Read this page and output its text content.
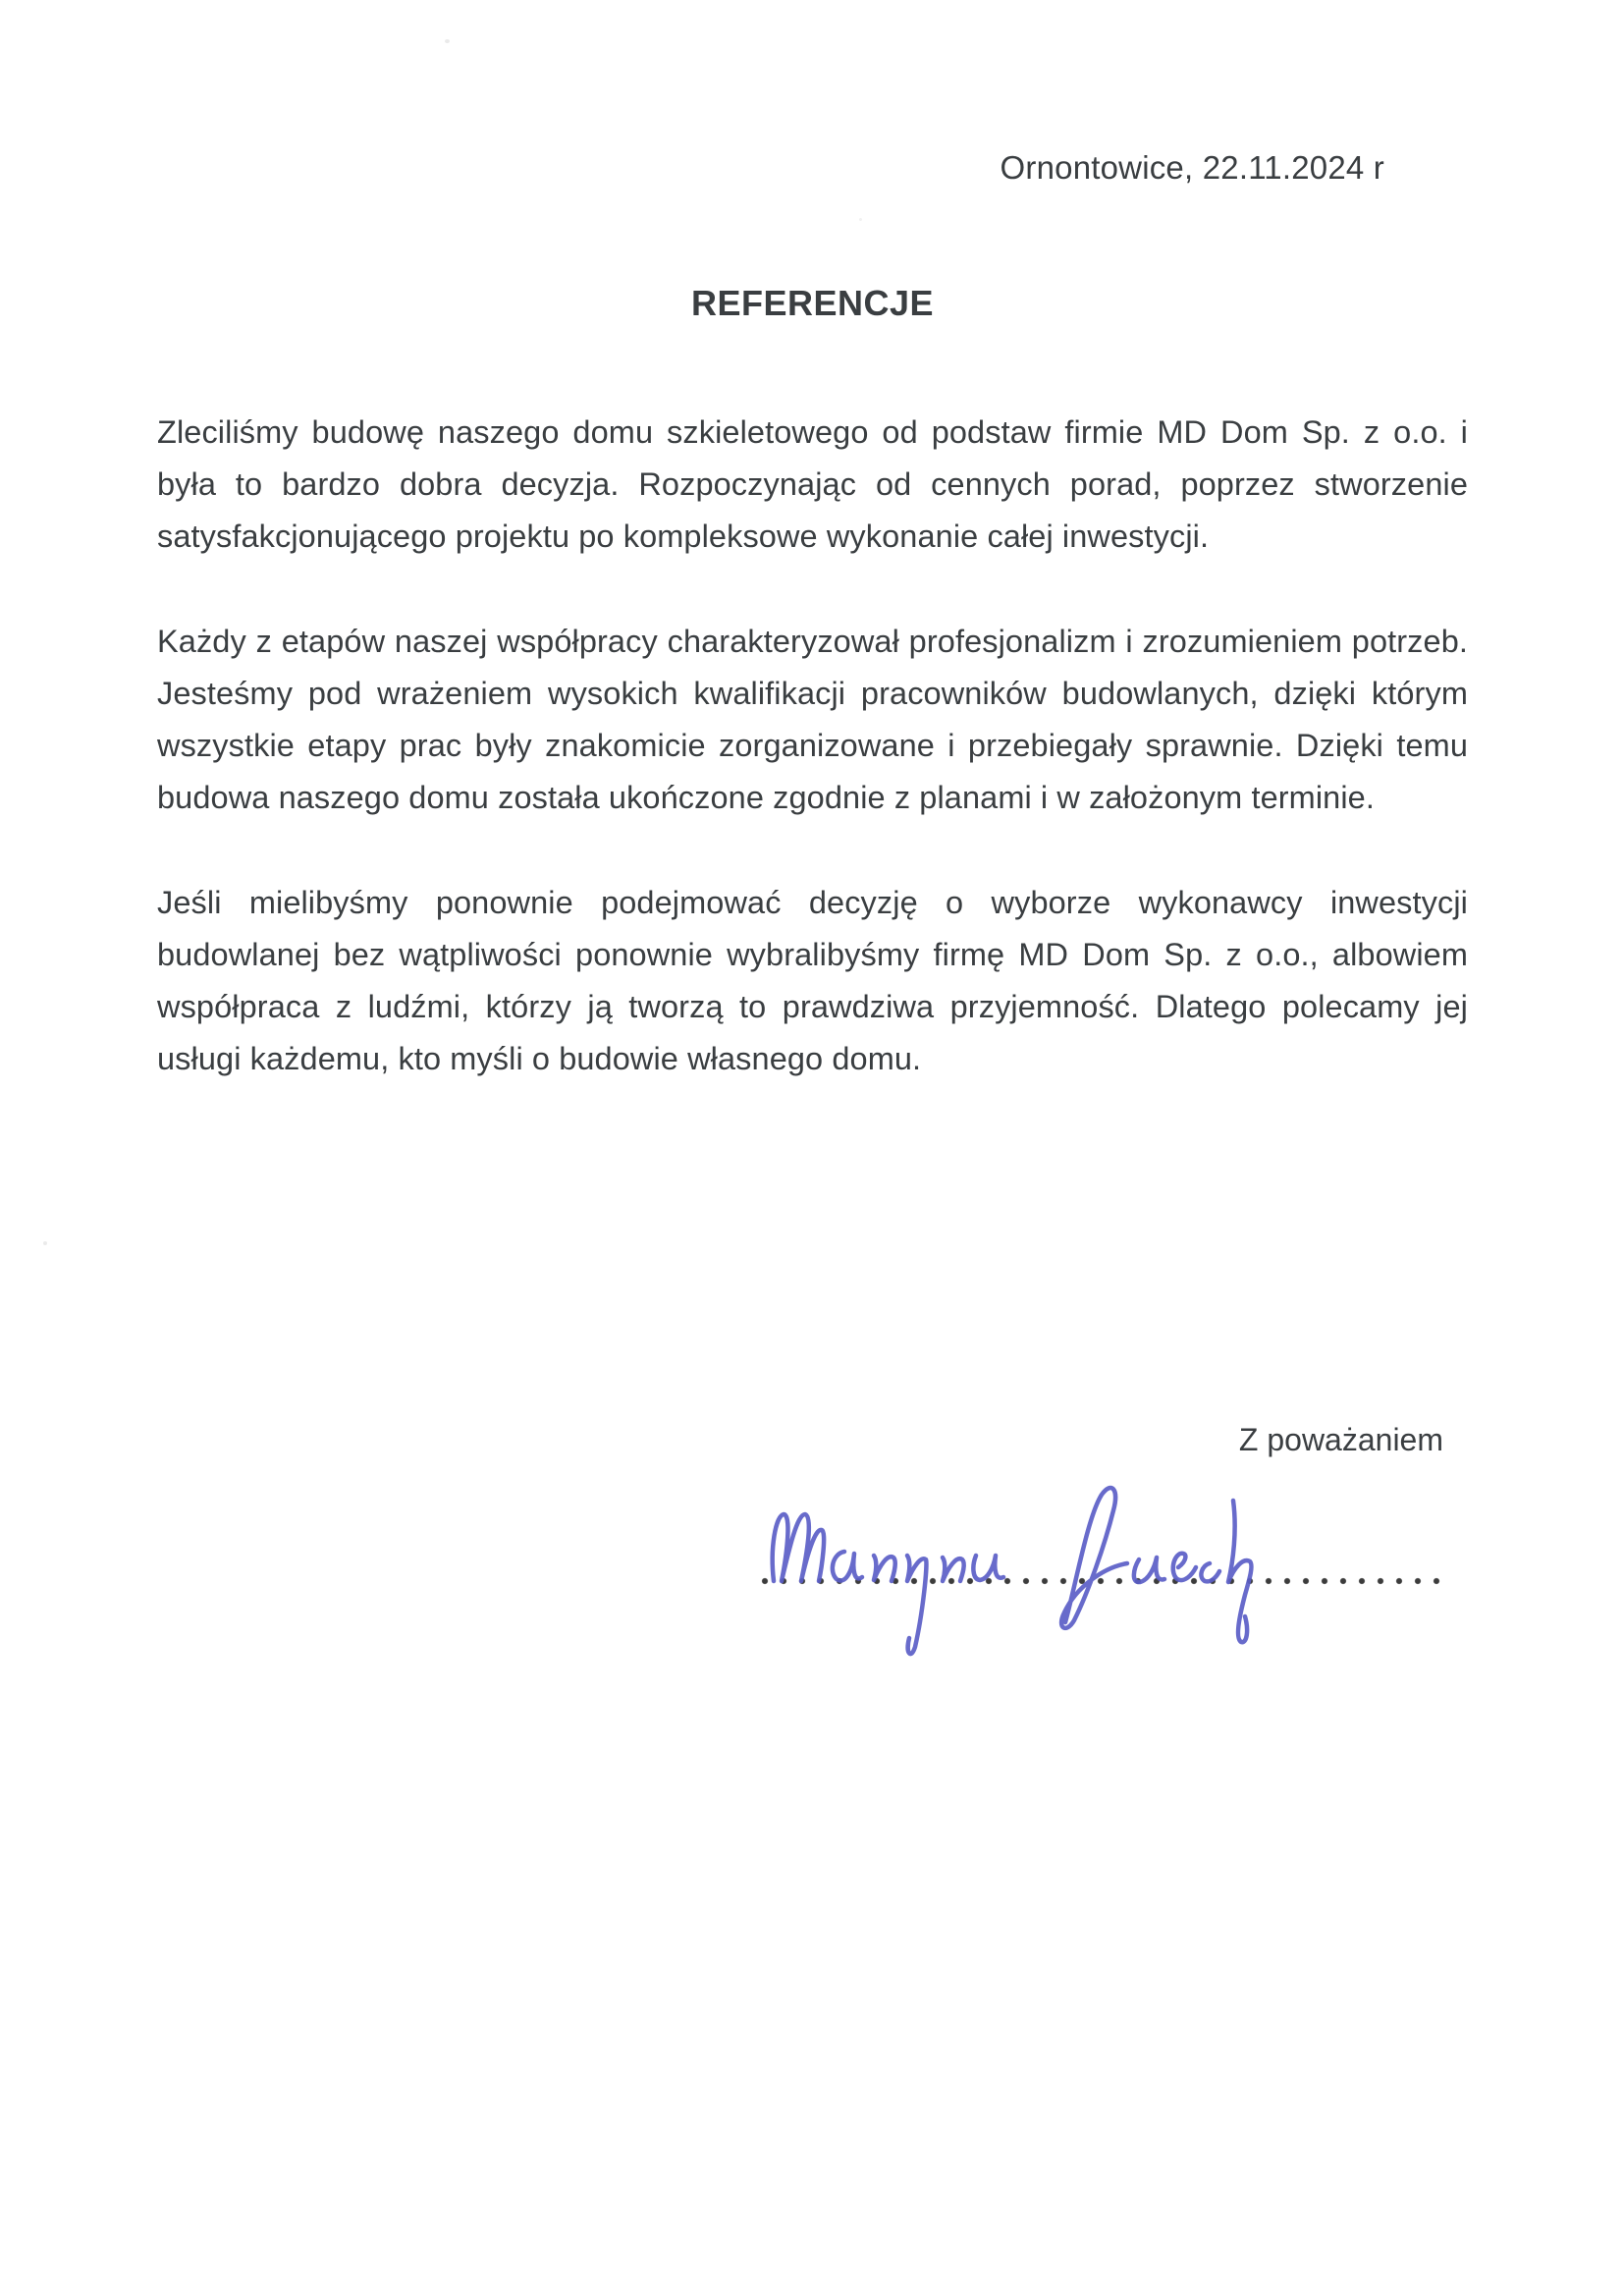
Ornontowice, 22.11.2024 r
REFERENCJE

Zleciliśmy budowę naszego domu szkieletowego od podstaw firmie MD Dom Sp. z o.o. i była to bardzo dobra decyzja. Rozpoczynając od cennych porad, poprzez stworzenie satysfakcjonującego projektu po kompleksowe wykonanie całej inwestycji.

Każdy z etapów naszej współpracy charakteryzował profesjonalizm i zrozumieniem potrzeb. Jesteśmy pod wrażeniem wysokich kwalifikacji pracowników budowlanych, dzięki którym wszystkie etapy prac były znakomicie zorganizowane i przebiegały sprawnie. Dzięki temu budowa naszego domu została ukończone zgodnie z planami i w założonym terminie.

Jeśli mielibyśmy ponownie podejmować decyzję o wyborze wykonawcy inwestycji budowlanej bez wątpliwości ponownie wybralibyśmy firmę MD Dom Sp. z o.o., albowiem współpraca z ludźmi, którzy ją tworzą to prawdziwa przyjemność. Dlatego polecamy jej usługi każdemu, kto myśli o budowie własnego domu.

Z poważaniem
